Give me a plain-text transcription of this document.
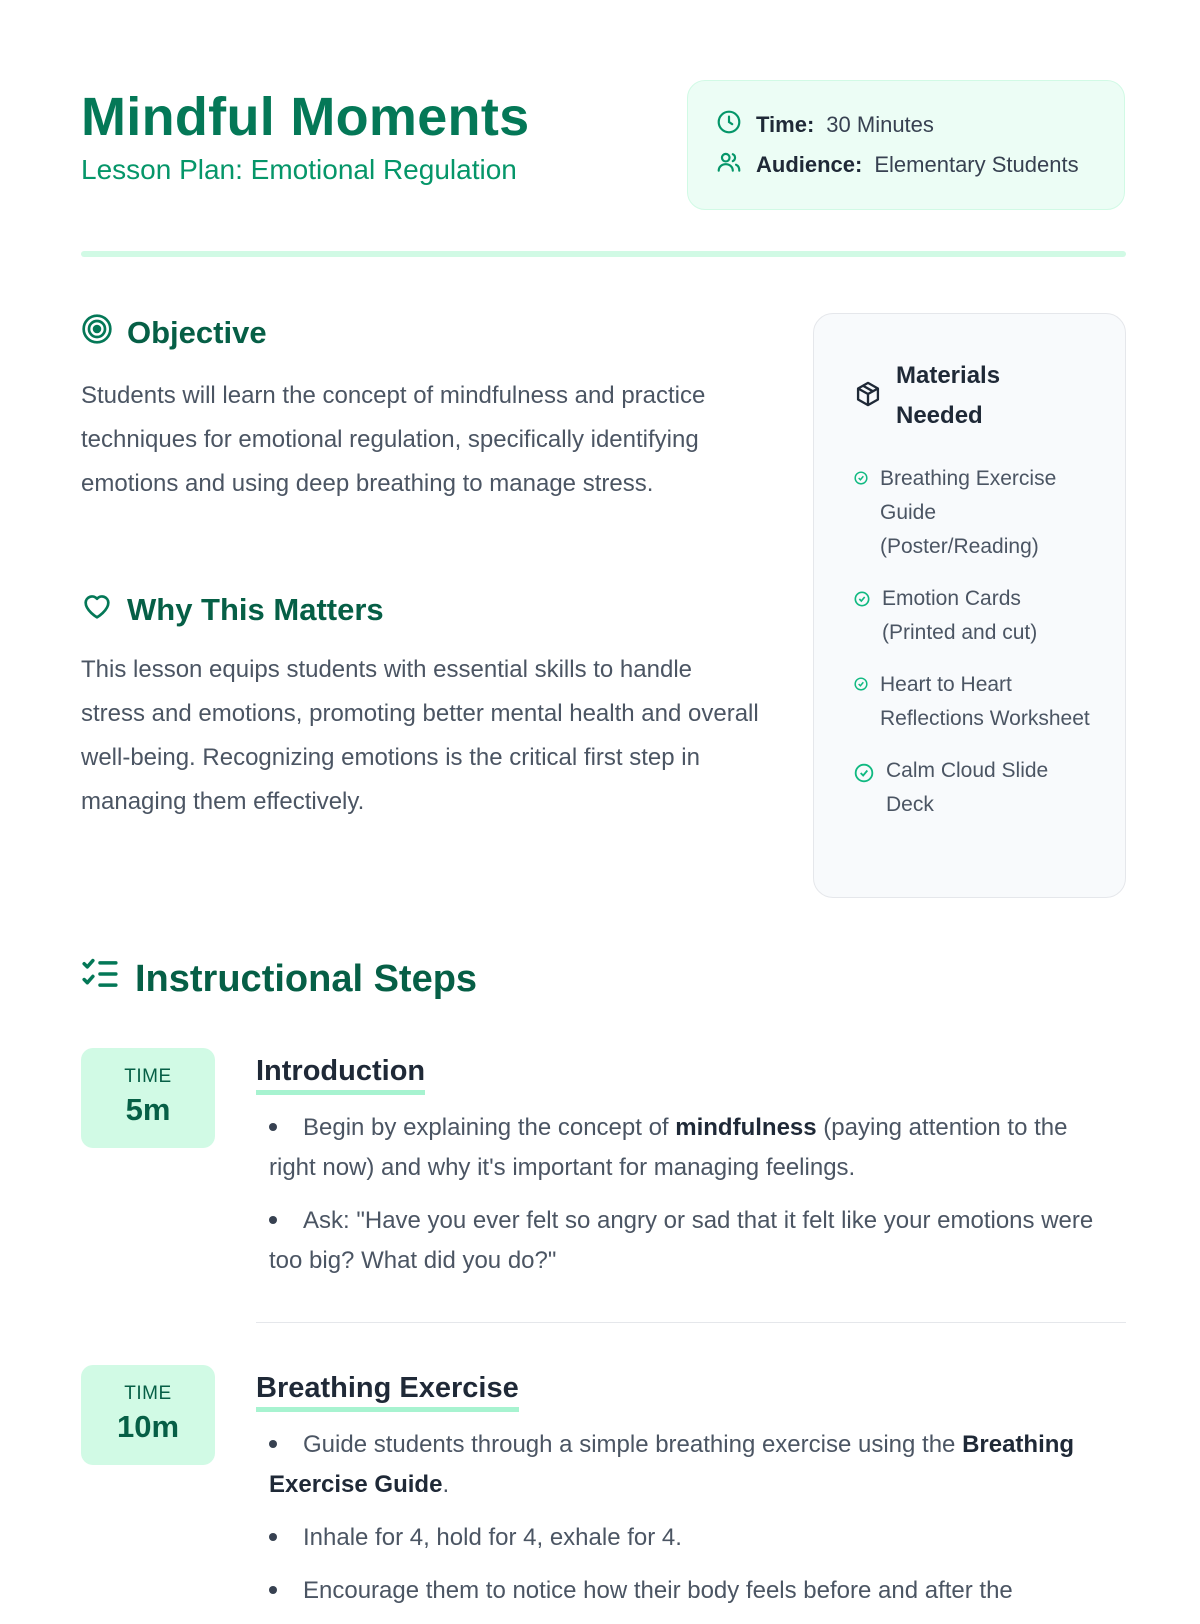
Mindful Moments
Lesson Plan: Emotional Regulation
Time: 30 Minutes
Audience: Elementary Students
Objective

Students will learn the concept of mindfulness and practice techniques for emotional regulation, specifically identifying emotions and using deep breathing to manage stress.

Why This Matters

This lesson equips students with essential skills to handle stress and emotions, promoting better mental health and overall well-being. Recognizing emotions is the critical first step in managing them effectively.

Materials Needed
Breathing Exercise Guide (Poster/Reading)
Emotion Cards (Printed and cut)
Heart to Heart Reflections Worksheet
Calm Cloud Slide Deck
Instructional Steps
TIME
5m
Introduction
Begin by explaining the concept of mindfulness (paying attention to the right now) and why it's important for managing feelings.
Ask: "Have you ever felt so angry or sad that it felt like your emotions were too big? What did you do?"
TIME
10m
Breathing Exercise
Guide students through a simple breathing exercise using the Breathing Exercise Guide.
Inhale for 4, hold for 4, exhale for 4.
Encourage them to notice how their body feels before and after the
